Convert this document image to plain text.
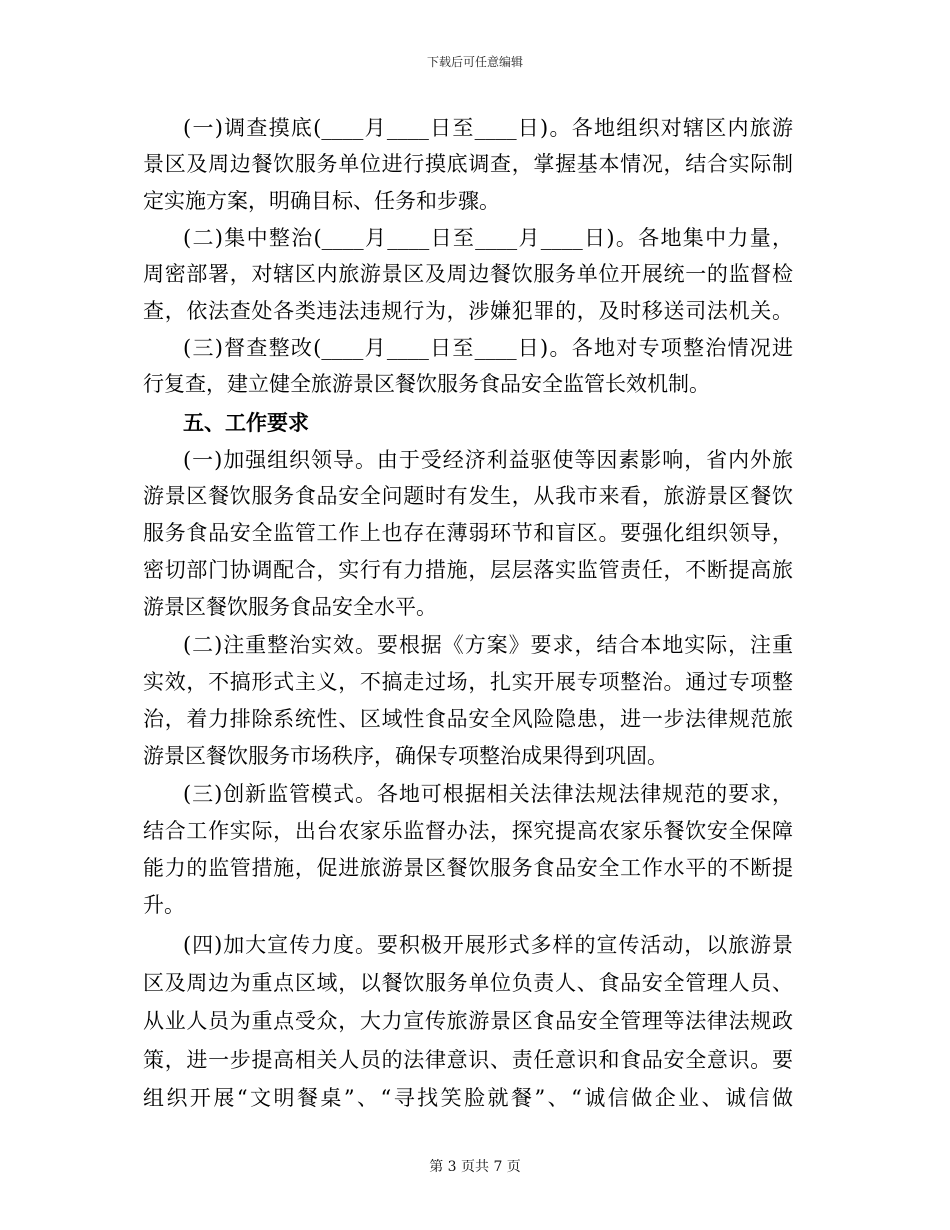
下载后可任意编辑
(一)调查摸底(____月____日至____日)。各地组织对辖区内旅游
景区及周边餐饮服务单位进行摸底调查，掌握基本情况，结合实际制
定实施方案，明确目标、任务和步骤。
(二)集中整治(____月____日至____月____日)。各地集中力量，
周密部署，对辖区内旅游景区及周边餐饮服务单位开展统一的监督检
查，依法查处各类违法违规行为，涉嫌犯罪的，及时移送司法机关。
(三)督查整改(____月____日至____日)。各地对专项整治情况进
行复查，建立健全旅游景区餐饮服务食品安全监管长效机制。
五、工作要求
(一)加强组织领导。由于受经济利益驱使等因素影响，省内外旅
游景区餐饮服务食品安全问题时有发生，从我市来看，旅游景区餐饮
服务食品安全监管工作上也存在薄弱环节和盲区。要强化组织领导，
密切部门协调配合，实行有力措施，层层落实监管责任，不断提高旅
游景区餐饮服务食品安全水平。
(二)注重整治实效。要根据《方案》要求，结合本地实际，注重
实效，不搞形式主义，不搞走过场，扎实开展专项整治。通过专项整
治，着力排除系统性、区域性食品安全风险隐患，进一步法律规范旅
游景区餐饮服务市场秩序，确保专项整治成果得到巩固。
(三)创新监管模式。各地可根据相关法律法规法律规范的要求，
结合工作实际，出台农家乐监督办法，探究提高农家乐餐饮安全保障
能力的监管措施，促进旅游景区餐饮服务食品安全工作水平的不断提
升。
(四)加大宣传力度。要积极开展形式多样的宣传活动，以旅游景
区及周边为重点区域，以餐饮服务单位负责人、食品安全管理人员、
从业人员为重点受众，大力宣传旅游景区食品安全管理等法律法规政
策，进一步提高相关人员的法律意识、责任意识和食品安全意识。要
组织开展“文明餐桌”、“寻找笑脸就餐”、“诚信做企业、诚信做
第 3 页共 7 页
